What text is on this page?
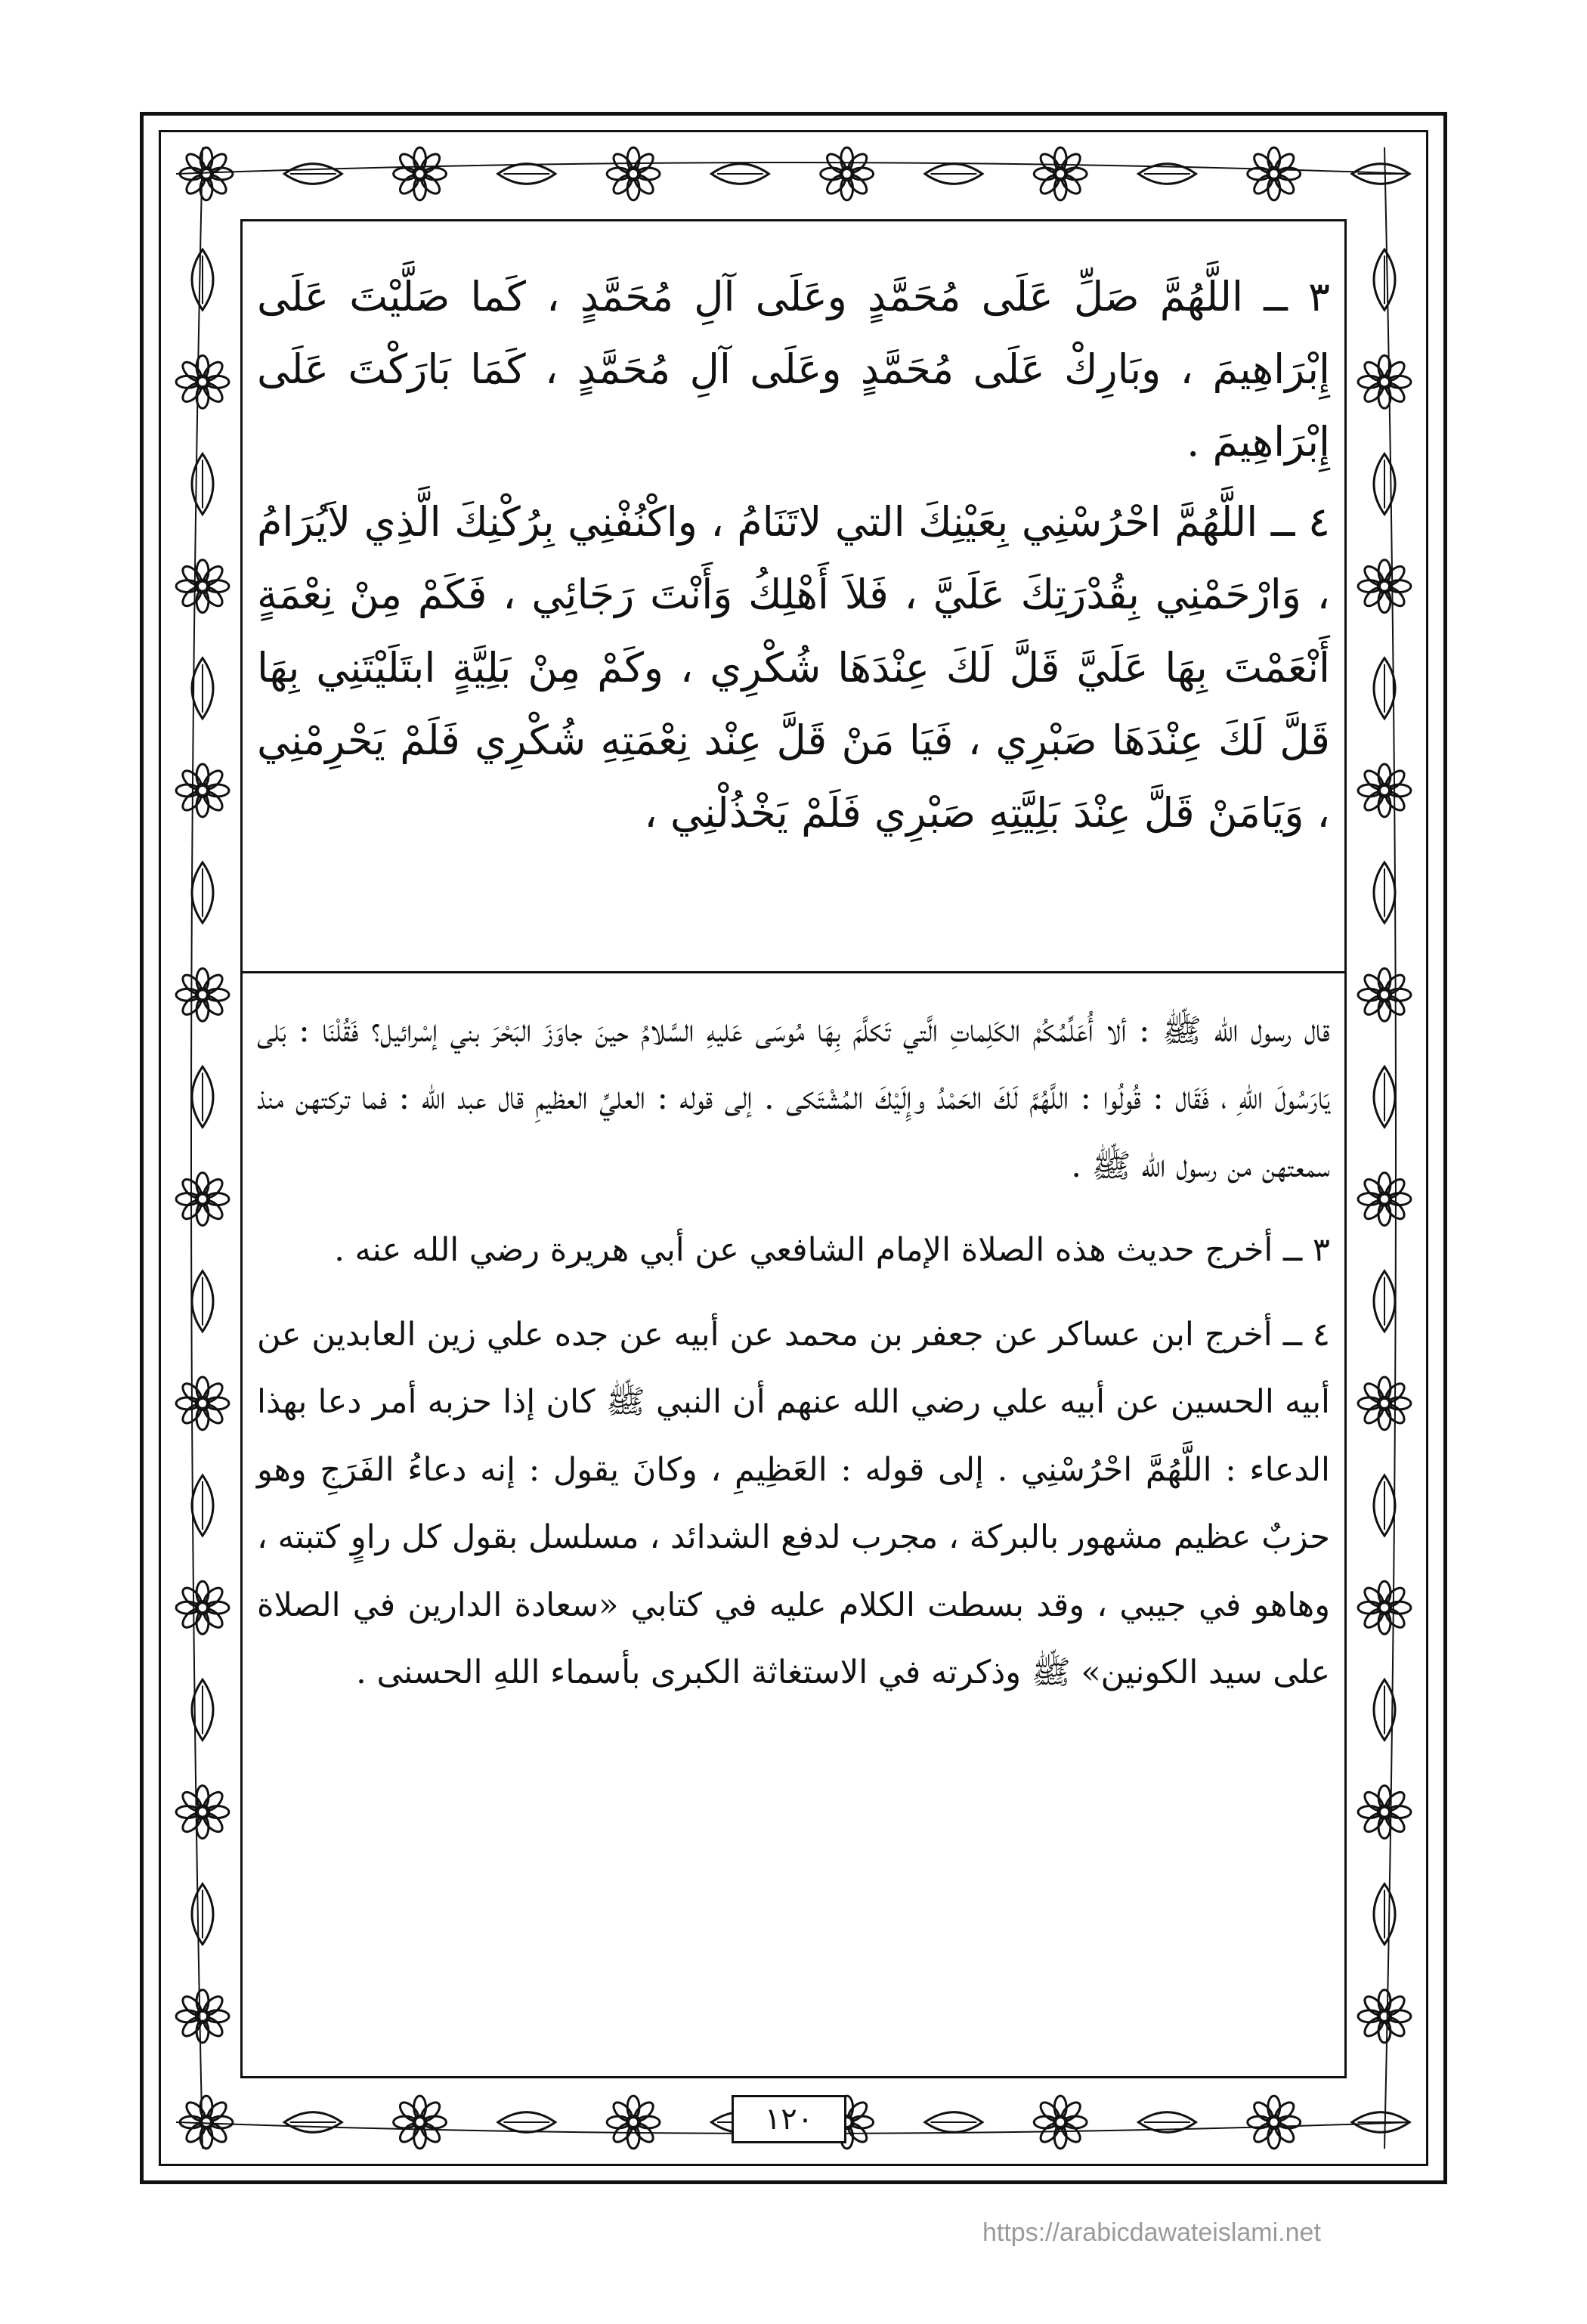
٣ ــ اللَّهُمَّ صَلِّ عَلَى مُحَمَّدٍ وعَلَى آلِ مُحَمَّدٍ ، كَما صَلَّيْتَ عَلَى إِبْرَاهِيمَ ، وبَارِكْ عَلَى مُحَمَّدٍ وعَلَى آلِ مُحَمَّدٍ ، كَمَا بَارَكْتَ عَلَى إِبْرَاهِيمَ .

٤ ــ اللَّهُمَّ احْرُسْنِي بِعَيْنِكَ التي لاتَنَامُ ، واكْنُفْنِي بِرُكْنِكَ الَّذِي لاَيُرَامُ ، وَارْحَمْنِي بِقُدْرَتِكَ عَلَيَّ ، فَلاَ أَهْلِكُ وَأَنْتَ رَجَائِي ، فَكَمْ مِنْ نِعْمَةٍ أَنْعَمْتَ بِهَا عَلَيَّ قَلَّ لَكَ عِنْدَهَا شُكْرِي ، وكَمْ مِنْ بَلِيَّةٍ ابتَلَيْتَنِي بِهَا قَلَّ لَكَ عِنْدَهَا صَبْرِي ، فَيَا مَنْ قَلَّ عِنْد نِعْمَتِهِ شُكْرِي فَلَمْ يَحْرِمْنِي ، وَيَامَنْ قَلَّ عِنْدَ بَلِيَّتِهِ صَبْرِي فَلَمْ يَخْذُلْنِي ،

قال رسول الله ﷺ : ألا أُعَلِّمُكُمْ الكَلِماتِ الَّتي تَكلَّمَ بِهَا مُوسَى عَليهِ السَّلامُ حينَ جاوَزَ البَحْرَ بني إسْرائيل؟ فَقُلْنَا : بَلى يَارَسُولَ اللهِ ، فَقَال : قُولُوا : اللَّهُمَّ لَكَ الحَمْدُ وإِلَيْكَ المُشْتَكى . إلى قوله : العليِّ العظيمِ قال عبد الله : فما تركتهن منذ سمعتهن من رسول الله ﷺ .

٣ ــ أخرج حديث هذه الصلاة الإمام الشافعي عن أبي هريرة رضي الله عنه .

٤ ــ أخرج ابن عساكر عن جعفر بن محمد عن أبيه عن جده علي زين العابدين عن أبيه الحسين عن أبيه علي رضي الله عنهم أن النبي ﷺ كان إذا حزبه أمر دعا بهذا الدعاء : اللَّهُمَّ احْرُسْنِي . إلى قوله : العَظِيمِ ، وكانَ يقول : إنه دعاءُ الفَرَجِ وهو حزبٌ عظيم مشهور بالبركة ، مجرب لدفع الشدائد ، مسلسل بقول كل راوٍ كتبته ، وهاهو في جيبي ، وقد بسطت الكلام عليه في كتابي «سعادة الدارين في الصلاة على سيد الكونين» ﷺ وذكرته في الاستغاثة الكبرى بأسماء اللهِ الحسنى .

١٢٠
https://arabicdawateislami.net
